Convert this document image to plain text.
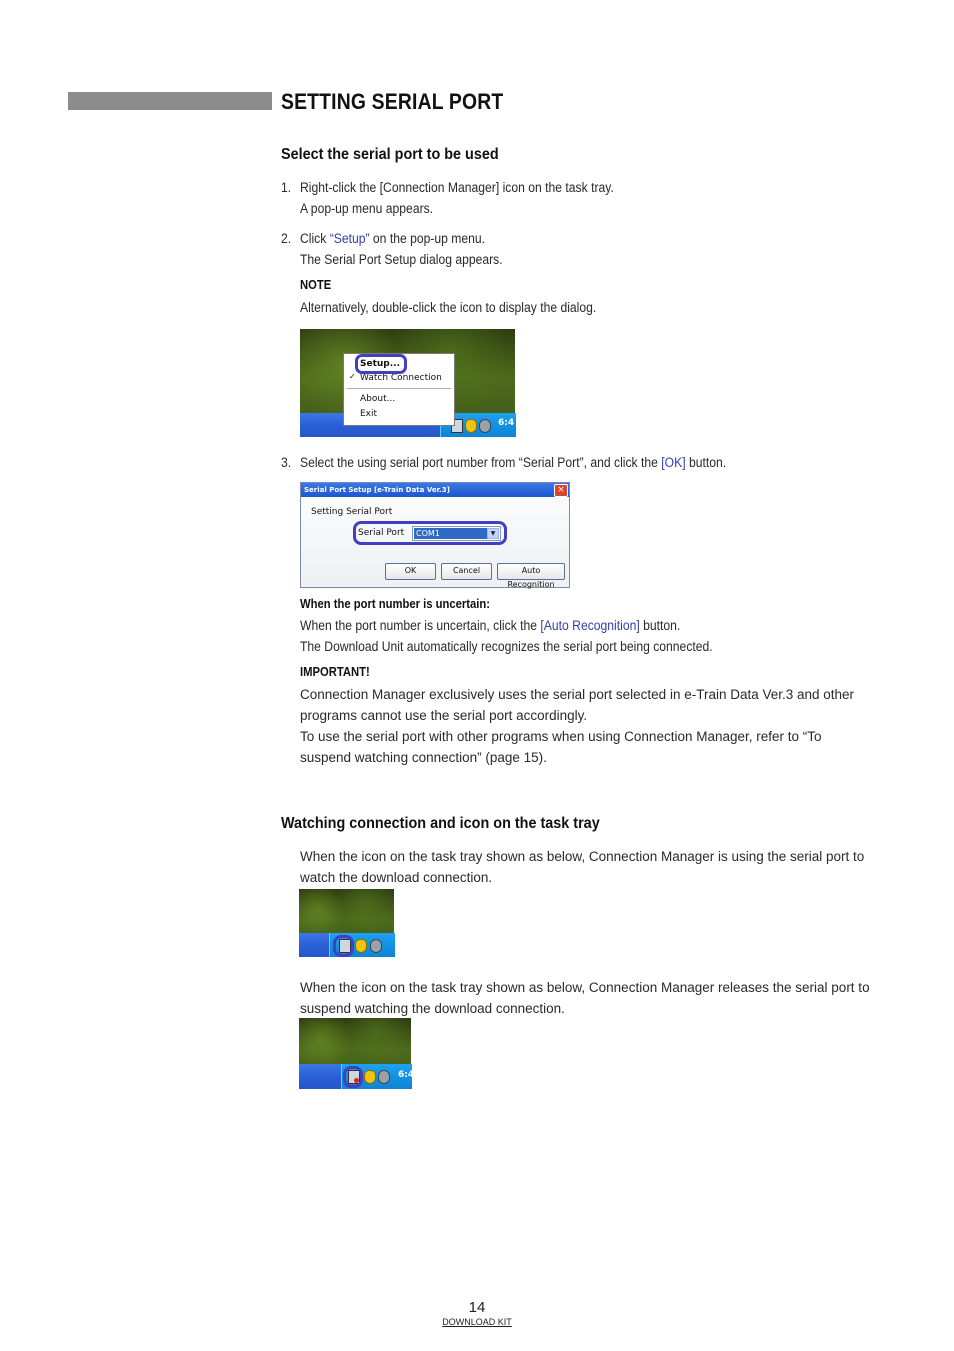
SETTING SERIAL PORT
Select the serial port to be used
1. Right-click the [Connection Manager] icon on the task tray.
A pop-up menu appears.
2. Click “Setup” on the pop-up menu.
The Serial Port Setup dialog appears.
NOTE
Alternatively, double-click the icon to display the dialog.
6:4
Setup...
✓ Watch Connection
About...
Exit
3. Select the using serial port number from “Serial Port”, and click the [OK] button.
Serial Port Setup [e-Train Data Ver.3]	×
Setting Serial Port
Serial Port COM1	▼
OK	Cancel	Auto Recognition
When the port number is uncertain:
When the port number is uncertain, click the [Auto Recognition] button.
The Download Unit automatically recognizes the serial port being connected.
IMPORTANT!
Connection Manager exclusively uses the serial port selected in e-Train Data Ver.3 and other programs cannot use the serial port accordingly.
To use the serial port with other programs when using Connection Manager, refer to “To suspend watching connection” (page 15).
Watching connection and icon on the task tray
When the icon on the task tray shown as below, Connection Manager is using the serial port to watch the download connection.
When the icon on the task tray shown as below, Connection Manager releases the serial port to suspend watching the download connection.
6:4
14
DOWNLOAD KIT
